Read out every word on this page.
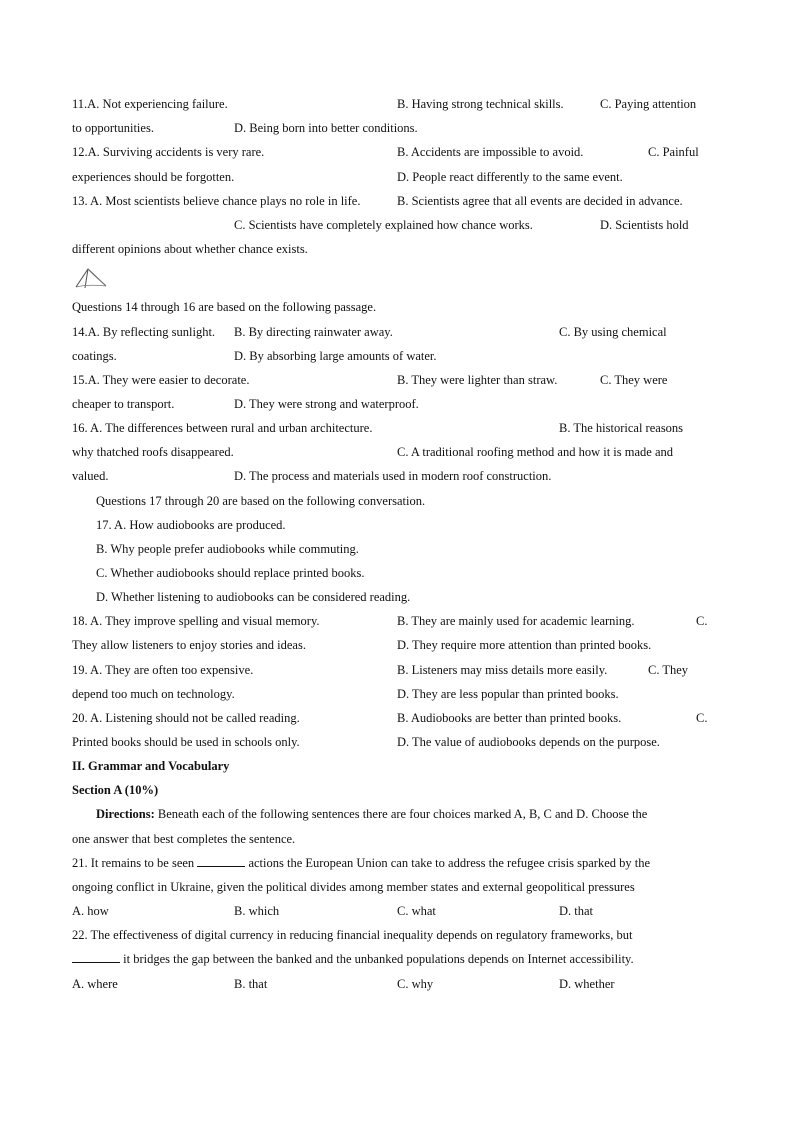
11.A. Not experiencing failure.	B. Having strong technical skills.	C. Paying attention
to opportunities.	D. Being born into better conditions.
12.A. Surviving accidents is very rare.	B. Accidents are impossible to avoid.	C. Painful
experiences should be forgotten.	D. People react differently to the same event.
13. A. Most scientists believe chance plays no role in life.	B. Scientists agree that all events are decided in advance.
C. Scientists have completely explained how chance works.	D. Scientists hold
different opinions about whether chance exists.
Questions 14 through 16 are based on the following passage.
14.A. By reflecting sunlight. B. By directing rainwater away.	C. By using chemical
coatings.	D. By absorbing large amounts of water.
15.A. They were easier to decorate.	B. They were lighter than straw.	C. They were
cheaper to transport.	D. They were strong and waterproof.
16. A. The differences between rural and urban architecture.	B. The historical reasons
why thatched roofs disappeared.	C. A traditional roofing method and how it is made and
valued.	D. The process and materials used in modern roof construction.
Questions 17 through 20 are based on the following conversation.
17. A. How audiobooks are produced.
B. Why people prefer audiobooks while commuting.
C. Whether audiobooks should replace printed books.
D. Whether listening to audiobooks can be considered reading.
18. A. They improve spelling and visual memory.	B. They are mainly used for academic learning.	C.
They allow listeners to enjoy stories and ideas.	D. They require more attention than printed books.
19. A. They are often too expensive.	B. Listeners may miss details more easily.	C. They
depend too much on technology.	D. They are less popular than printed books.
20. A. Listening should not be called reading.	B. Audiobooks are better than printed books.	C.
Printed books should be used in schools only.	D. The value of audiobooks depends on the purpose.
II. Grammar and Vocabulary
Section A (10%)
Directions: Beneath each of the following sentences there are four choices marked A, B, C and D. Choose the
one answer that best completes the sentence.
21. It remains to be seen	actions the European Union can take to address the refugee crisis sparked by the
ongoing conflict in Ukraine, given the political divides among member states and external geopolitical pressures
A. how	B. which	C. what	D. that
22. The effectiveness of digital currency in reducing financial inequality depends on regulatory frameworks, but
it bridges the gap between the banked and the unbanked populations depends on Internet accessibility.
A. where	B. that	C. why	D. whether
